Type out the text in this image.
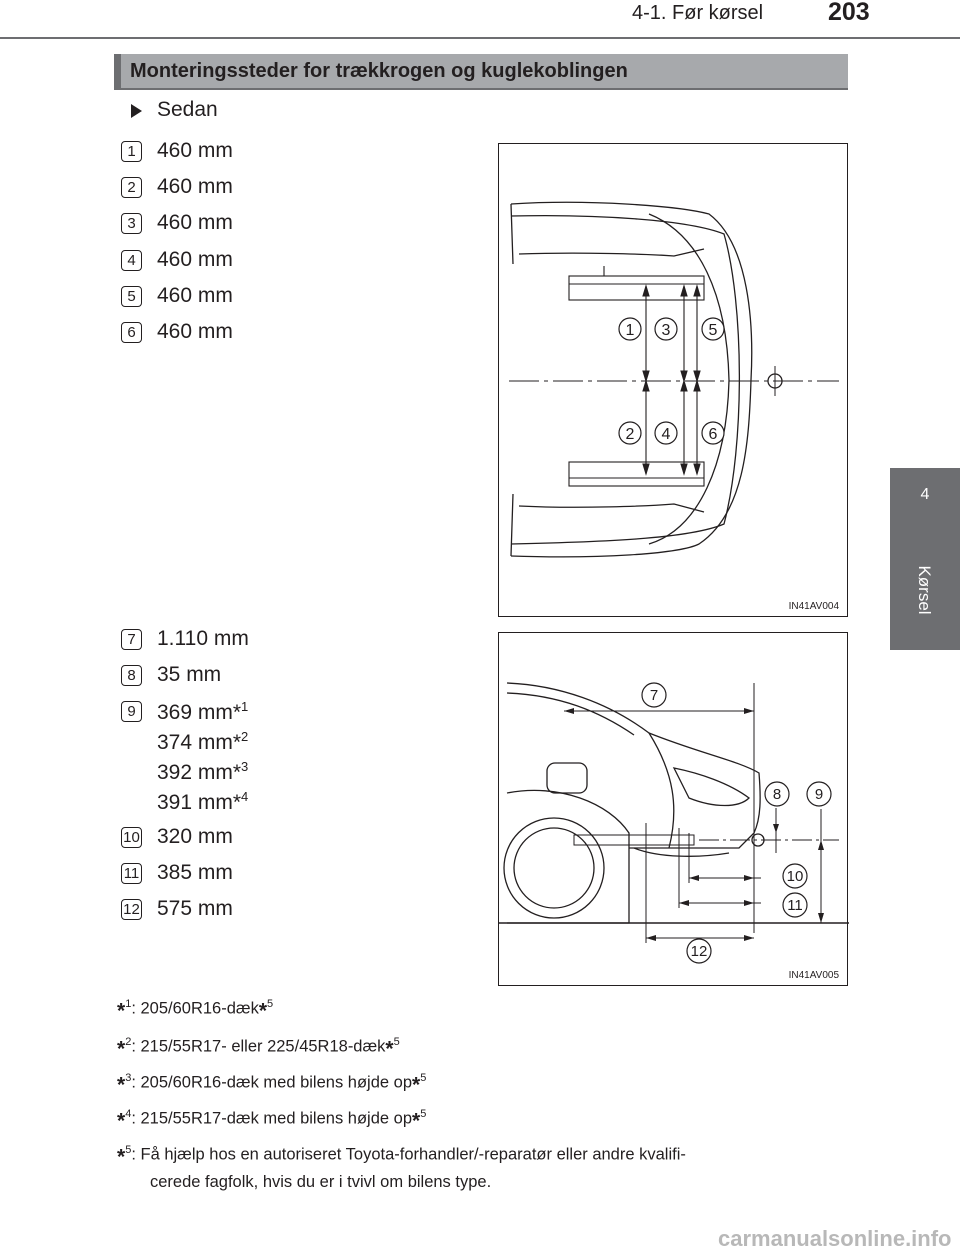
4-1. Før kørsel	203
4
Kørsel
Monteringssteder for trækkrogen og kuglekoblingen
Sedan
1	460 mm
2	460 mm
3	460 mm
4	460 mm
5	460 mm
6	460 mm	1 3 5
2 4 6
IN41AV004
7	1.110 mm
8	35 mm
9	369 mm*$^1$
374 mm*$^2$
392 mm*$^3$
391 mm*$^4$
10 320 mm
11 385 mm
12 575 mm
7
8 9
10
11
12
IN41AV005
*$^1$: 205/60R16-dæk*$^5$
*$^2$: 215/55R17- eller 225/45R18-dæk*$^5$
*$^3$: 205/60R16-dæk med bilens højde op*$^5$
*$^4$: 215/55R17-dæk med bilens højde op*$^5$
*$^5$: Få hjælp hos en autoriseret Toyota-forhandler/-reparatør eller andre kvalifi-
cerede fagfolk, hvis du er i tvivl om bilens type.
carmanualsonline.info
